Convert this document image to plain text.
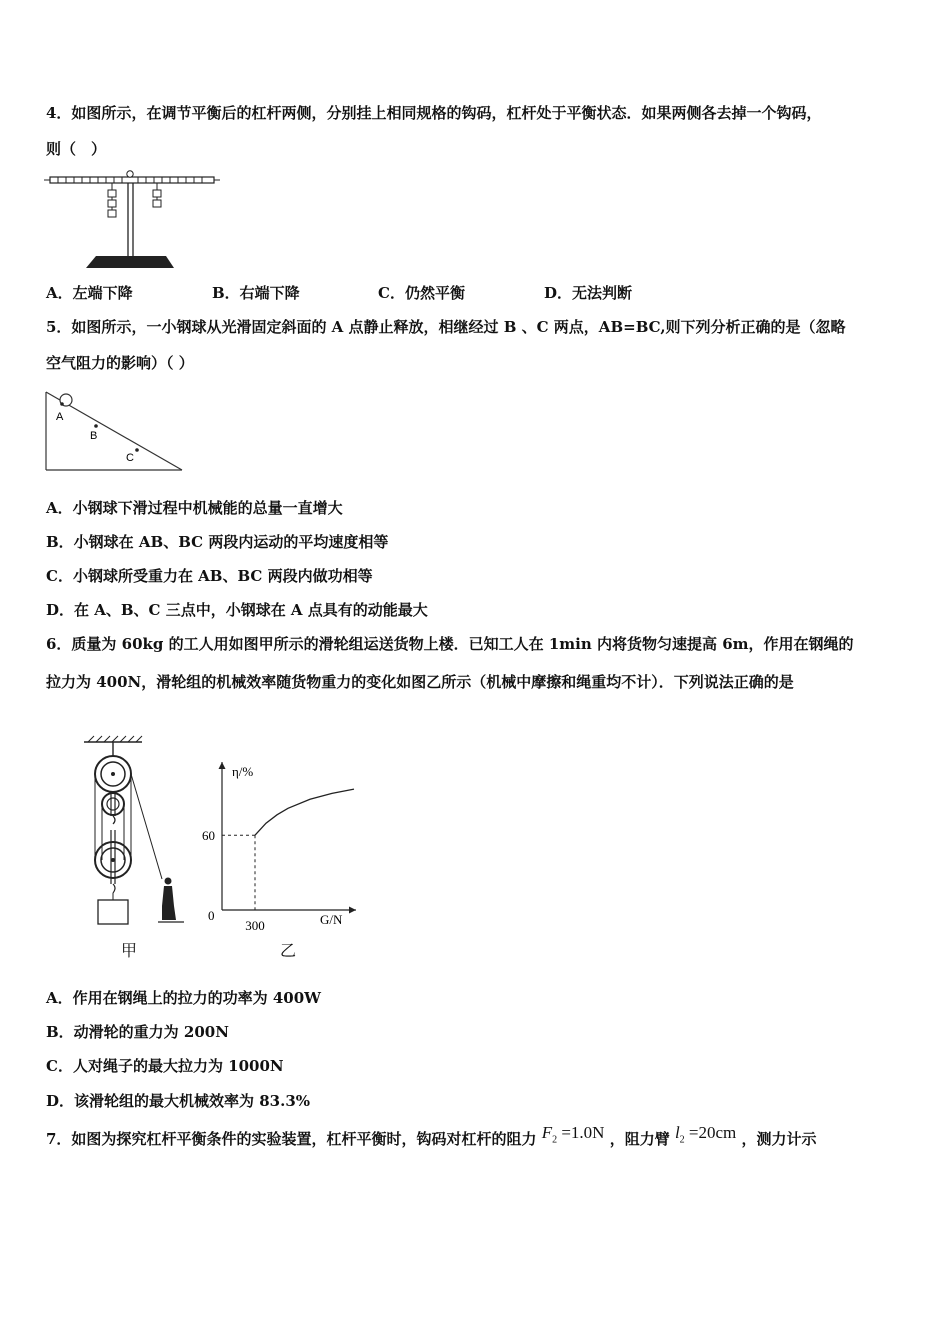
4．如图所示，在调节平衡后的杠杆两侧，分别挂上相同规格的钩码，杠杆处于平衡状态．如果两侧各去掉一个钩码，
则（　）
A．左端下降	B．右端下降	C．仍然平衡	D．无法判断
5．如图所示，一小钢球从光滑固定斜面的 A 点静止释放，相继经过 B 、C 两点，AB=BC,则下列分析正确的是（忽略
空气阻力的影响）（ ）
A
B
C
A．小钢球下滑过程中机械能的总量一直增大
B．小钢球在 AB、BC 两段内运动的平均速度相等
C．小钢球所受重力在 AB、BC 两段内做功相等
D．在 A、B、C 三点中，小钢球在 A 点具有的动能最大
6．质量为 60kg 的工人用如图甲所示的滑轮组运送货物上楼．已知工人在 1min 内将货物匀速提高 6m，作用在钢绳的
拉力为 400N，滑轮组的机械效率随货物重力的变化如图乙所示（机械中摩擦和绳重均不计）．下列说法正确的是
甲
η/%
G/N
0
60
300
乙
A．作用在钢绳上的拉力的功率为 400W
B．动滑轮的重力为 200N
C．人对绳子的最大拉力为 1000N
D．该滑轮组的最大机械效率为 83.3%
7．如图为探究杠杆平衡条件的实验装置，杠杆平衡时，钩码对杠杆的阻力 $F_2 =1.0N$ ，阻力臂 $l_2 =20cm$ ，测力计示
